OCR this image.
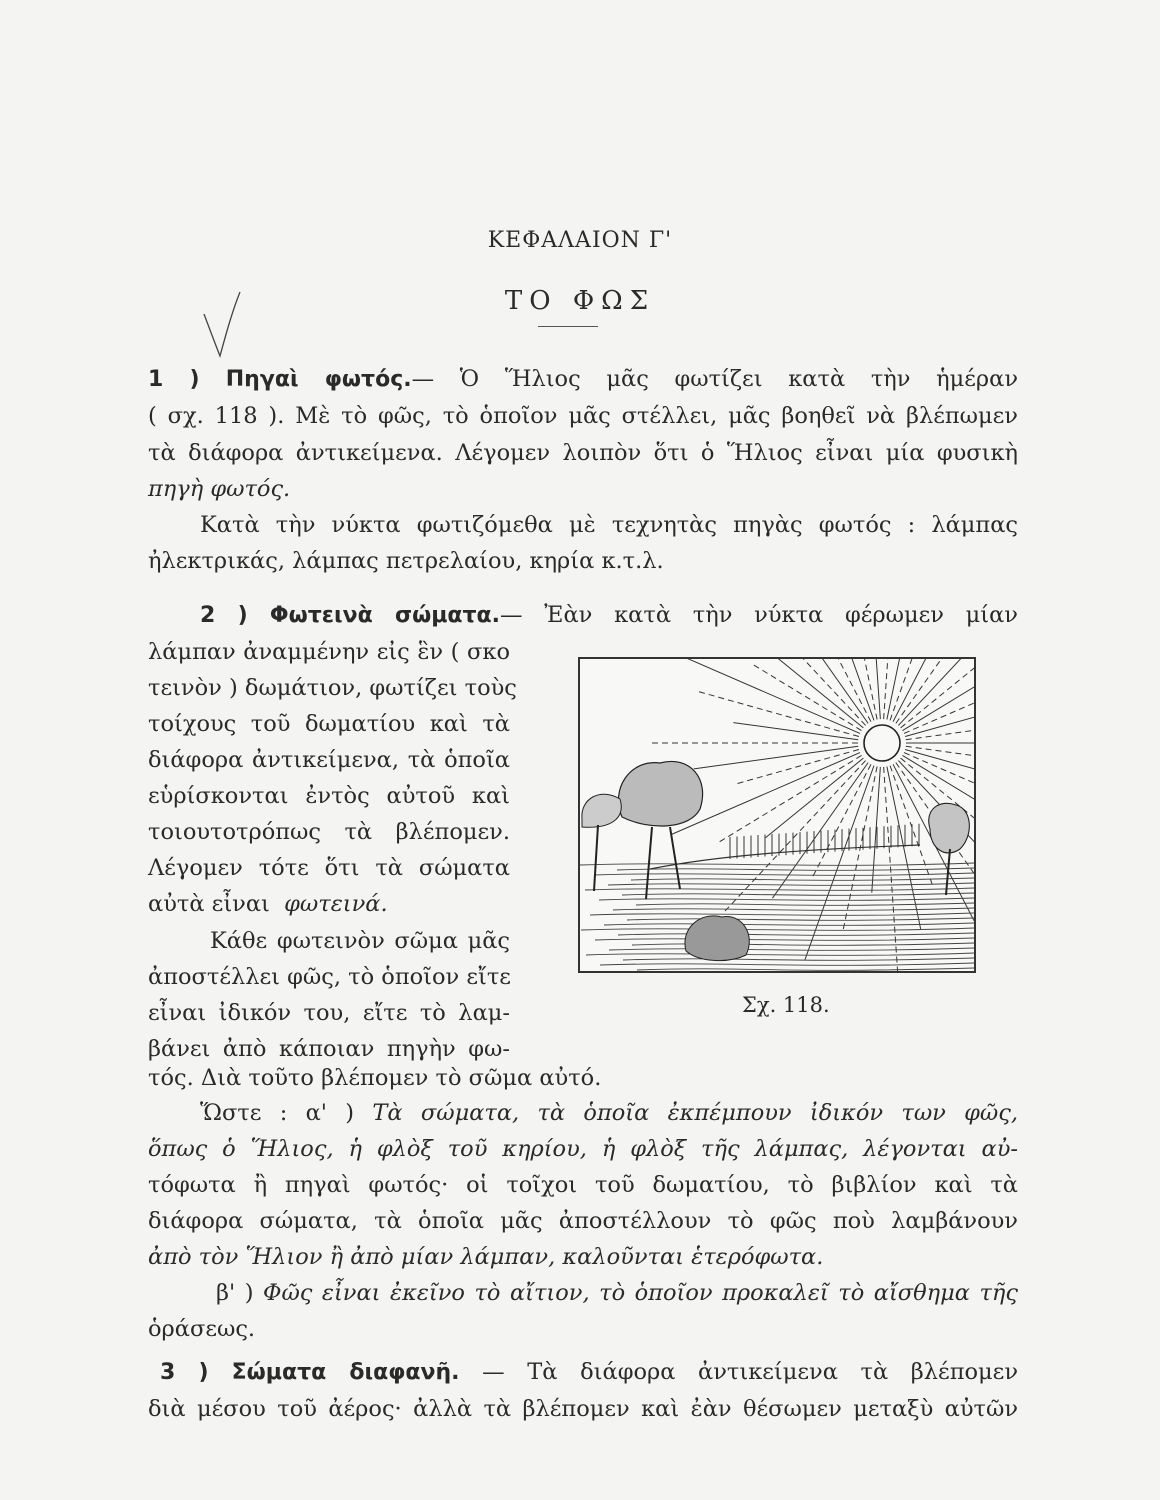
ΚΕΦΑΛΑΙΟΝ Γ'
ΤΟ ΦΩΣ
1 ) Πηγαὶ φωτός.— Ὁ Ἥλιος μᾶς φωτίζει κατὰ τὴν ἡμέραν
( σχ. 118 ). Μὲ τὸ φῶς, τὸ ὁποῖον μᾶς στέλλει, μᾶς βοηθεῖ νὰ βλέπωμεν
τὰ διάφορα ἀντικείμενα. Λέγομεν λοιπὸν ὅτι ὁ Ἥλιος εἶναι μία φυσικὴ
πηγὴ φωτός.
Κατὰ τὴν νύκτα φωτιζόμεθα μὲ τεχνητὰς πηγὰς φωτός : λάμπας
ἠλεκτρικάς, λάμπας πετρελαίου, κηρία κ.τ.λ.
2 ) Φωτεινὰ σώματα.— Ἐὰν κατὰ τὴν νύκτα φέρωμεν μίαν
λάμπαν ἀναμμένην εἰς ἓν ( σκο
τεινὸν ) δωμάτιον, φωτίζει τοὺς
τοίχους τοῦ δωματίου καὶ τὰ
διάφορα ἀντικείμενα, τὰ ὁποῖα
εὑρίσκονται ἐντὸς αὐτοῦ καὶ
τοιουτοτρόπως τὰ βλέπομεν.
Λέγομεν τότε ὅτι τὰ σώματα
αὐτὰ εἶναι φωτεινά.
Κάθε φωτεινὸν σῶμα μᾶς
ἀποστέλλει φῶς, τὸ ὁποῖον εἴτε
εἶναι ἰδικόν του, εἴτε τὸ λαμ-
βάνει ἀπὸ κάποιαν πηγὴν φω-
τός. Διὰ τοῦτο βλέπομεν τὸ σῶμα αὐτό.
Ὥστε : α' ) Τὰ σώματα, τὰ ὁποῖα ἐκπέμπουν ἰδικόν των φῶς,
ὅπως ὁ Ἥλιος, ἡ φλὸξ τοῦ κηρίου, ἡ φλὸξ τῆς λάμπας, λέγονται αὐ-
τόφωτα ἢ πηγαὶ φωτός· οἱ τοῖχοι τοῦ δωματίου, τὸ βιβλίον καὶ τὰ
διάφορα σώματα, τὰ ὁποῖα μᾶς ἀποστέλλουν τὸ φῶς ποὺ λαμβάνουν
ἀπὸ τὸν Ἥλιον ἢ ἀπὸ μίαν λάμπαν, καλοῦνται ἑτερόφωτα.
β' ) Φῶς εἶναι ἐκεῖνο τὸ αἴτιον, τὸ ὁποῖον προκαλεῖ τὸ αἴσθημα τῆς
ὁράσεως.
3 ) Σώματα διαφανῆ. — Τὰ διάφορα ἀντικείμενα τὰ βλέπομεν
διὰ μέσου τοῦ ἀέρος· ἀλλὰ τὰ βλέπομεν καὶ ἐὰν θέσωμεν μεταξὺ αὐτῶν
Σχ. 118.
